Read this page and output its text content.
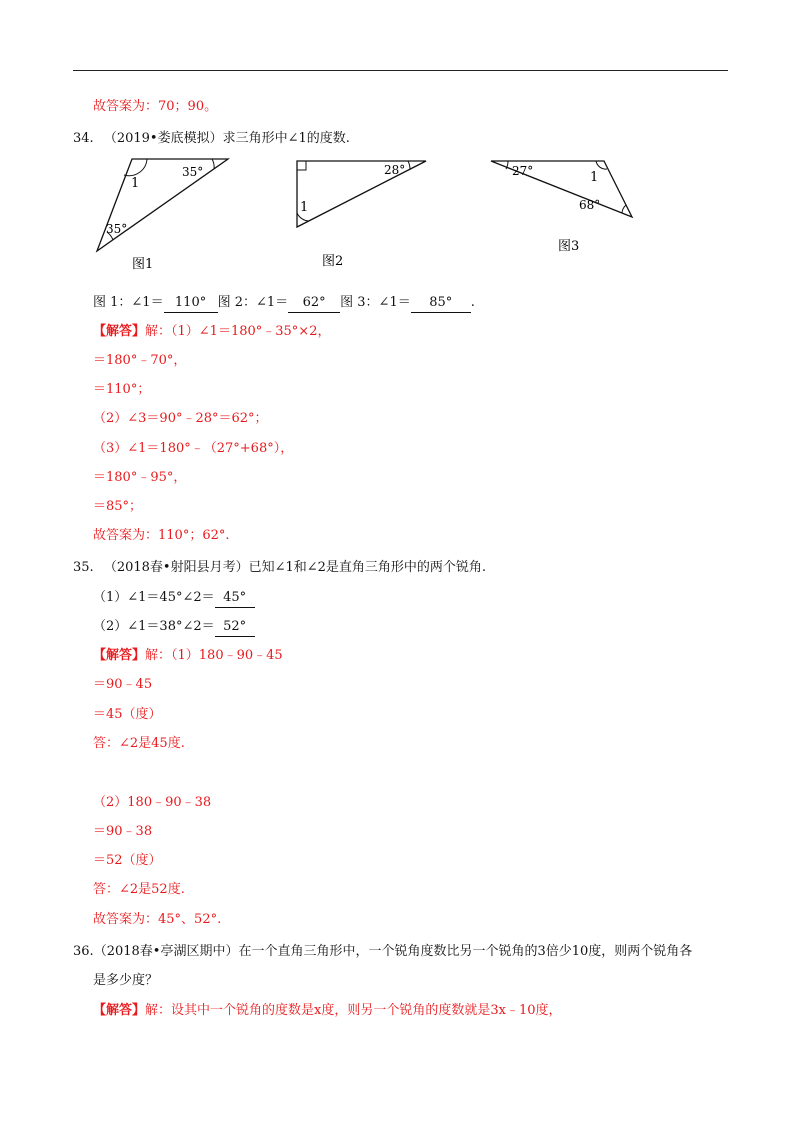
故答案为：70；90。
34. （2019•娄底模拟）求三角形中∠1的度数.
1
35°
35°
图1
28°
1
图2
27°	1
68°
图3
图 1：∠1＝ 110° 图 2：∠1＝ 62° 图 3：∠1＝ 85° .
【解答】解：（1）∠1＝180°﹣35°×2，
＝180°﹣70°，
＝110°；
（2）∠3＝90°﹣28°＝62°；
（3）∠1＝180°﹣（27°+68°），
＝180°﹣95°，
＝85°；
故答案为：110°；62°.
35. （2018春•射阳县月考）已知∠1和∠2是直角三角形中的两个锐角.
（1）∠1＝45°∠2＝ 45°
（2）∠1＝38°∠2＝ 52°
【解答】解：（1）180﹣90﹣45
＝90﹣45
＝45（度）
答：∠2是45度.
（2）180﹣90﹣38
＝90﹣38
＝52（度）
答：∠2是52度.
故答案为：45°、52°.
36.（2018春•亭湖区期中）在一个直角三角形中，一个锐角度数比另一个锐角的3倍少10度，则两个锐角各
是多少度？
【解答】解：设其中一个锐角的度数是x度，则另一个锐角的度数就是3x﹣10度，
